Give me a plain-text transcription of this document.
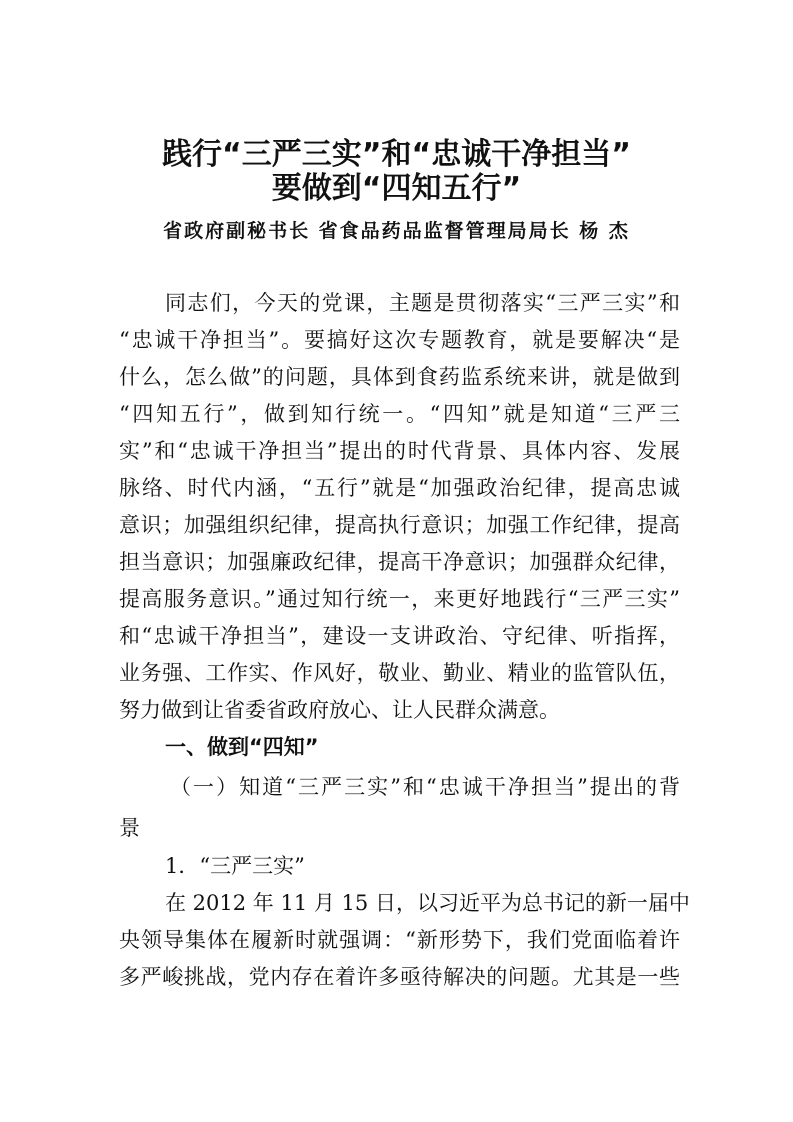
践行“三严三实”和“忠诚干净担当”
要做到“四知五行”
省政府副秘书长 省食品药品监督管理局局长 杨 杰
同志们，今天的党课，主题是贯彻落实“三严三实”和
“忠诚干净担当”。要搞好这次专题教育，就是要解决“是
什么，怎么做”的问题，具体到食药监系统来讲，就是做到
“四知五行”，做到知行统一。“四知”就是知道“三严三
实”和“忠诚干净担当”提出的时代背景、具体内容、发展
脉络、时代内涵，“五行”就是“加强政治纪律，提高忠诚
意识；加强组织纪律，提高执行意识；加强工作纪律，提高
担当意识；加强廉政纪律，提高干净意识；加强群众纪律，
提高服务意识。”通过知行统一，来更好地践行“三严三实”
和“忠诚干净担当”，建设一支讲政治、守纪律、听指挥，
业务强、工作实、作风好，敬业、勤业、精业的监管队伍，
努力做到让省委省政府放心、让人民群众满意。
一、做到“四知”
（一）知道“三严三实”和“忠诚干净担当”提出的背
景
1．“三严三实”
在 2012 年 11 月 15 日，以习近平为总书记的新一届中
央领导集体在履新时就强调：“新形势下，我们党面临着许
多严峻挑战，党内存在着许多亟待解决的问题。尤其是一些
